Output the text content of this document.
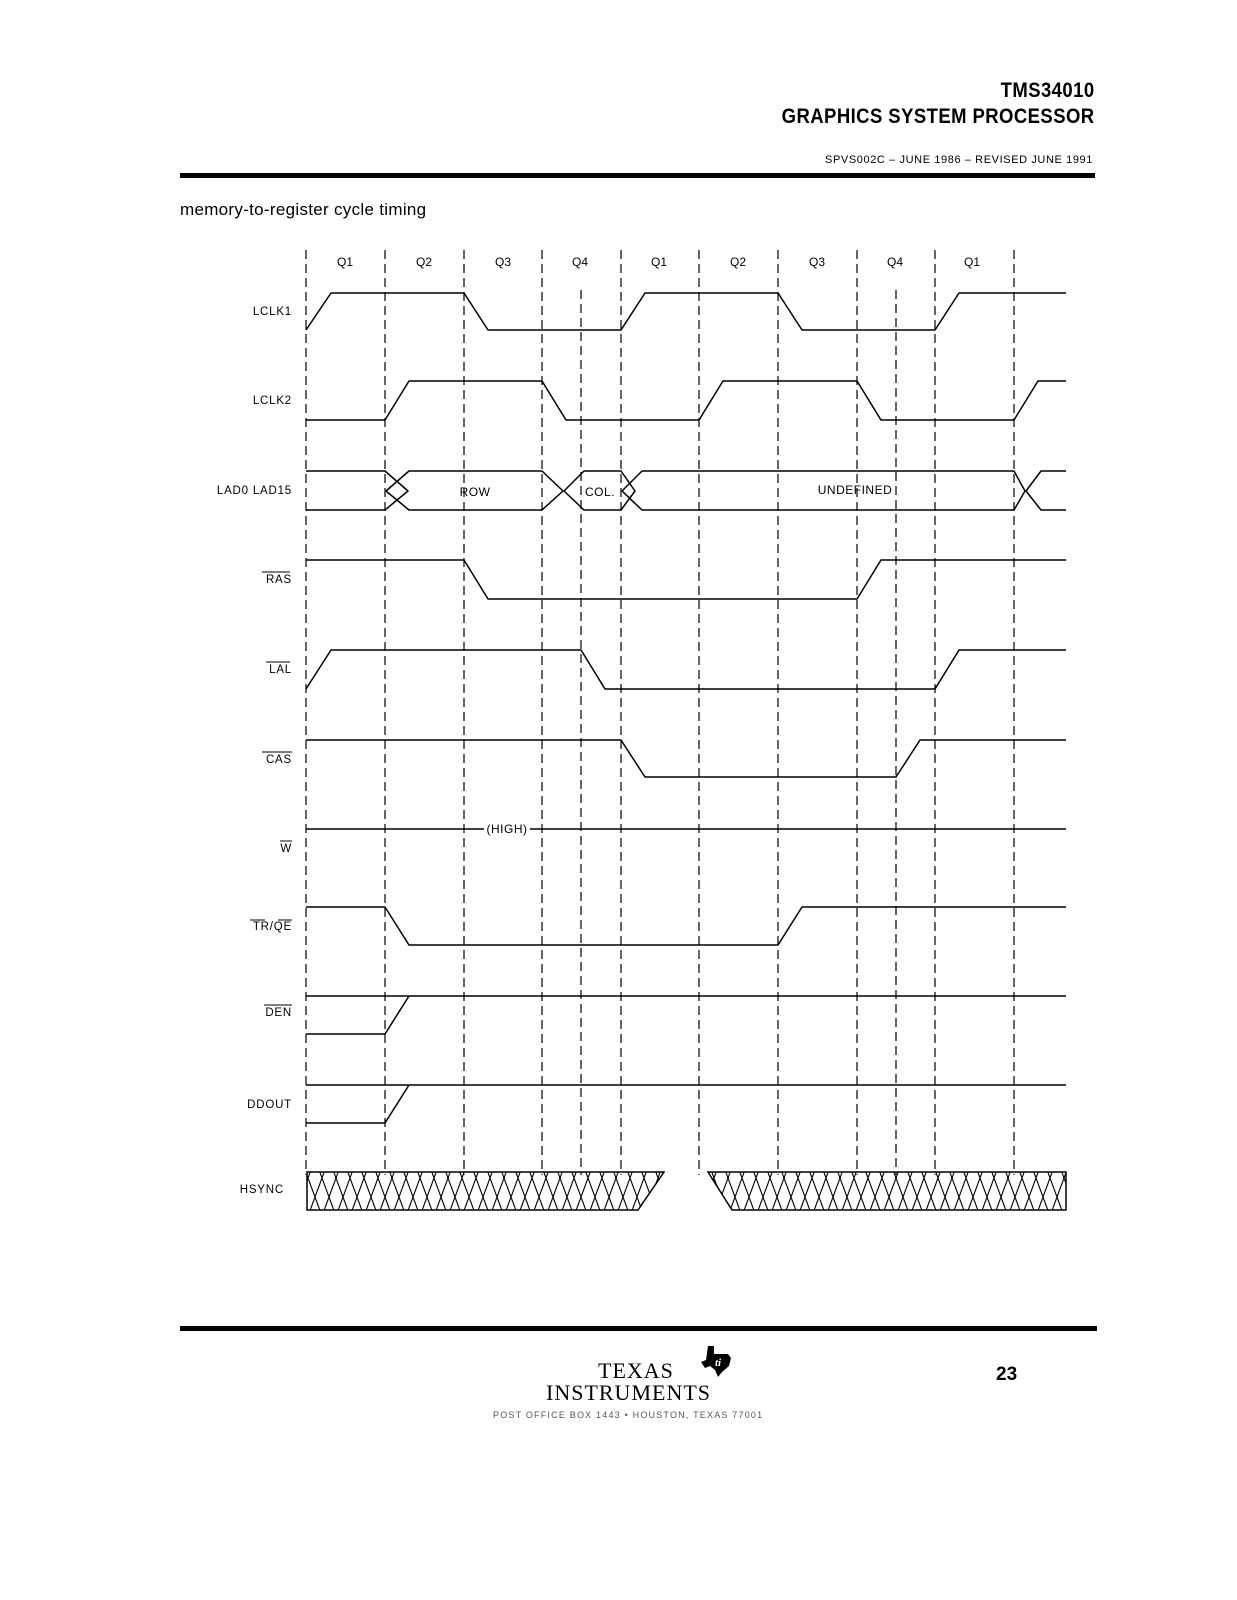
TMS34010
GRAPHICS SYSTEM PROCESSOR
SPVS002C – JUNE 1986 – REVISED JUNE 1991
memory-to-register cycle timing
Q1	Q2	Q3	Q4	Q1	Q2	Q3	Q4	Q1
LCLK1
LCLK2
LAD0 LAD15
RAS
LAL
CAS
W
TR/QE
DEN
DDOUT
HSYNC
ROW	COL.	UNDEFINED
(HIGH)
TEXAS
INSTRUMENTS
ti
POST OFFICE BOX 1443 • HOUSTON, TEXAS 77001
23
